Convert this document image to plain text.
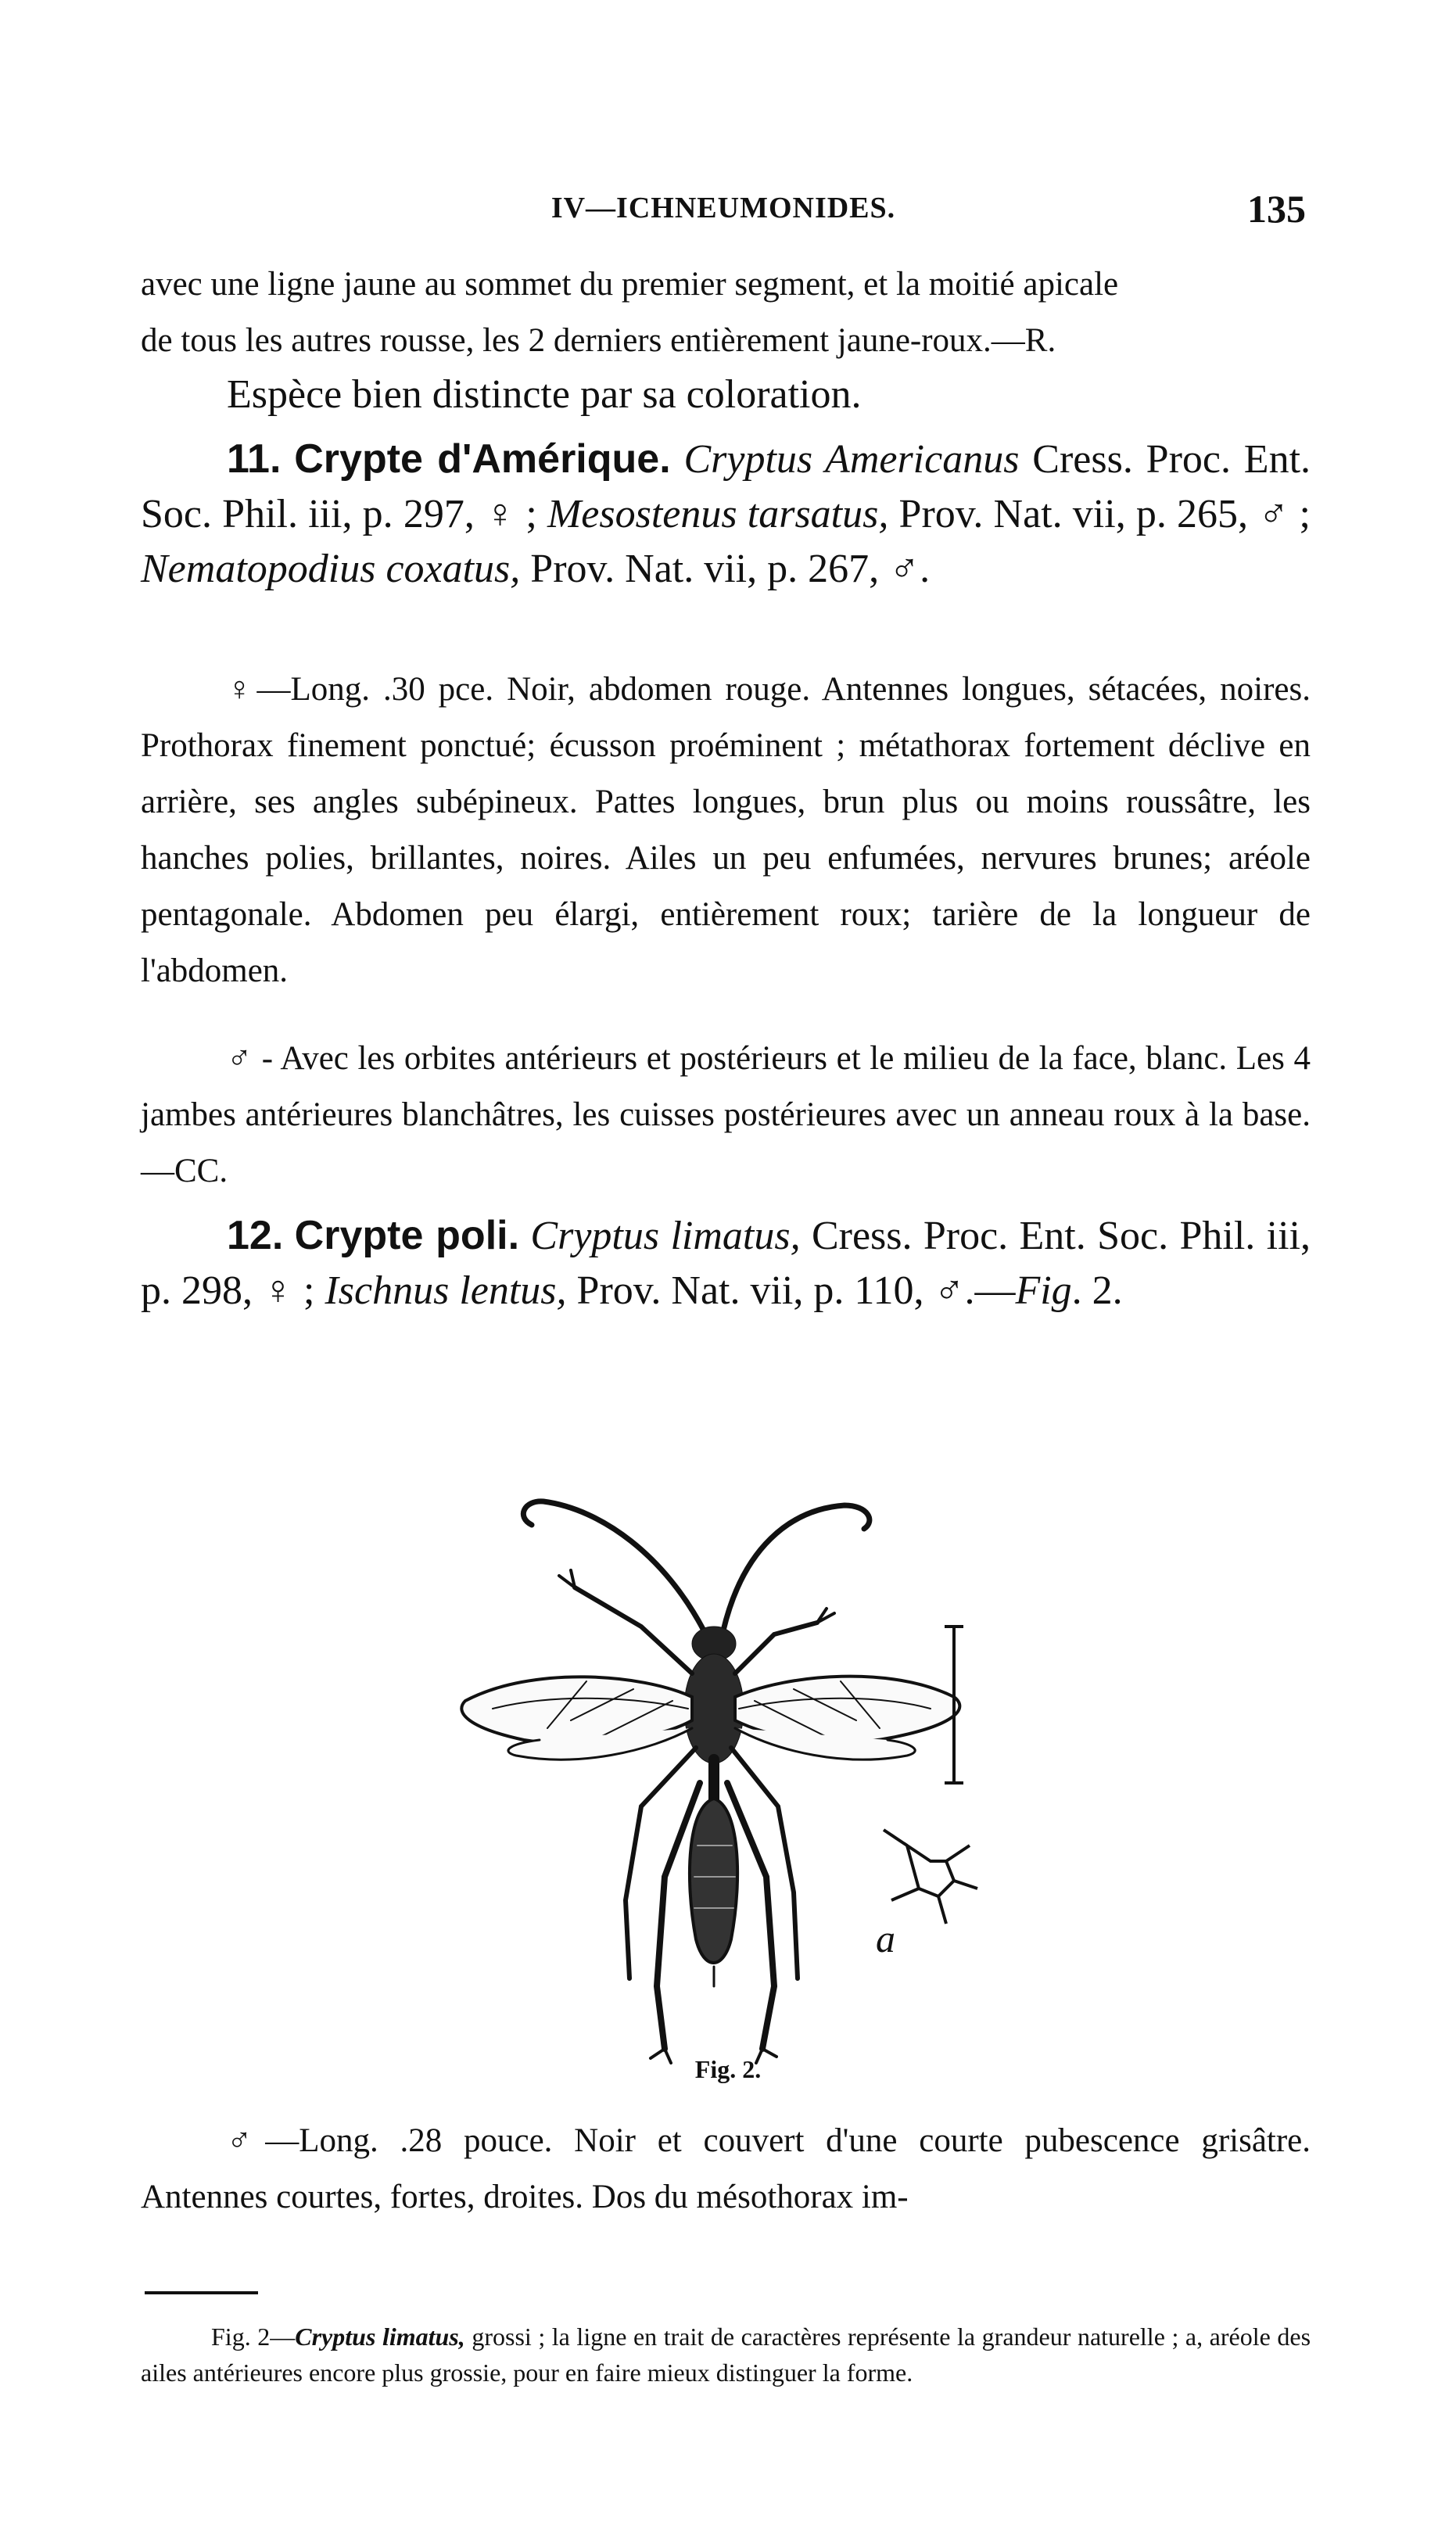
IV—ICHNEUMONIDES.	135

avec une ligne jaune au sommet du premier segment, et la moitié apicale

de tous les autres rousse, les 2 derniers entièrement jaune-roux.—R.

Espèce bien distincte par sa coloration.

11. Crypte d'Amérique. Cryptus Americanus Cress. Proc. Ent. Soc. Phil. iii, p. 297, ♀ ; Mesostenus tarsatus, Prov. Nat. vii, p. 265, ♂ ; Nematopodius coxatus, Prov. Nat. vii, p. 267, ♂.

♀—Long. .30 pce. Noir, abdomen rouge. Antennes longues, sétacées, noires. Prothorax finement ponctué; écusson proéminent ; métathorax fortement déclive en arrière, ses angles subépineux. Pattes longues, brun plus ou moins roussâtre, les hanches polies, brillantes, noires. Ailes un peu enfumées, nervures brunes; aréole pentagonale. Abdomen peu élargi, entièrement roux; tarière de la longueur de l'abdomen.

♂ - Avec les orbites antérieurs et postérieurs et le milieu de la face, blanc. Les 4 jambes antérieures blanchâtres, les cuisses postérieures avec un anneau roux à la base.—CC.

12. Crypte poli. Cryptus limatus, Cress. Proc. Ent. Soc. Phil. iii, p. 298, ♀ ; Ischnus lentus, Prov. Nat. vii, p. 110, ♂.—Fig. 2.

a
Fig. 2.

♂—Long. .28 pouce. Noir et couvert d'une courte pubescence grisâtre. Antennes courtes, fortes, droites. Dos du mésothorax im-

Fig. 2—Cryptus limatus, grossi ; la ligne en trait de caractères représente la grandeur naturelle ; a, aréole des ailes antérieures encore plus grossie, pour en faire mieux distinguer la forme.
